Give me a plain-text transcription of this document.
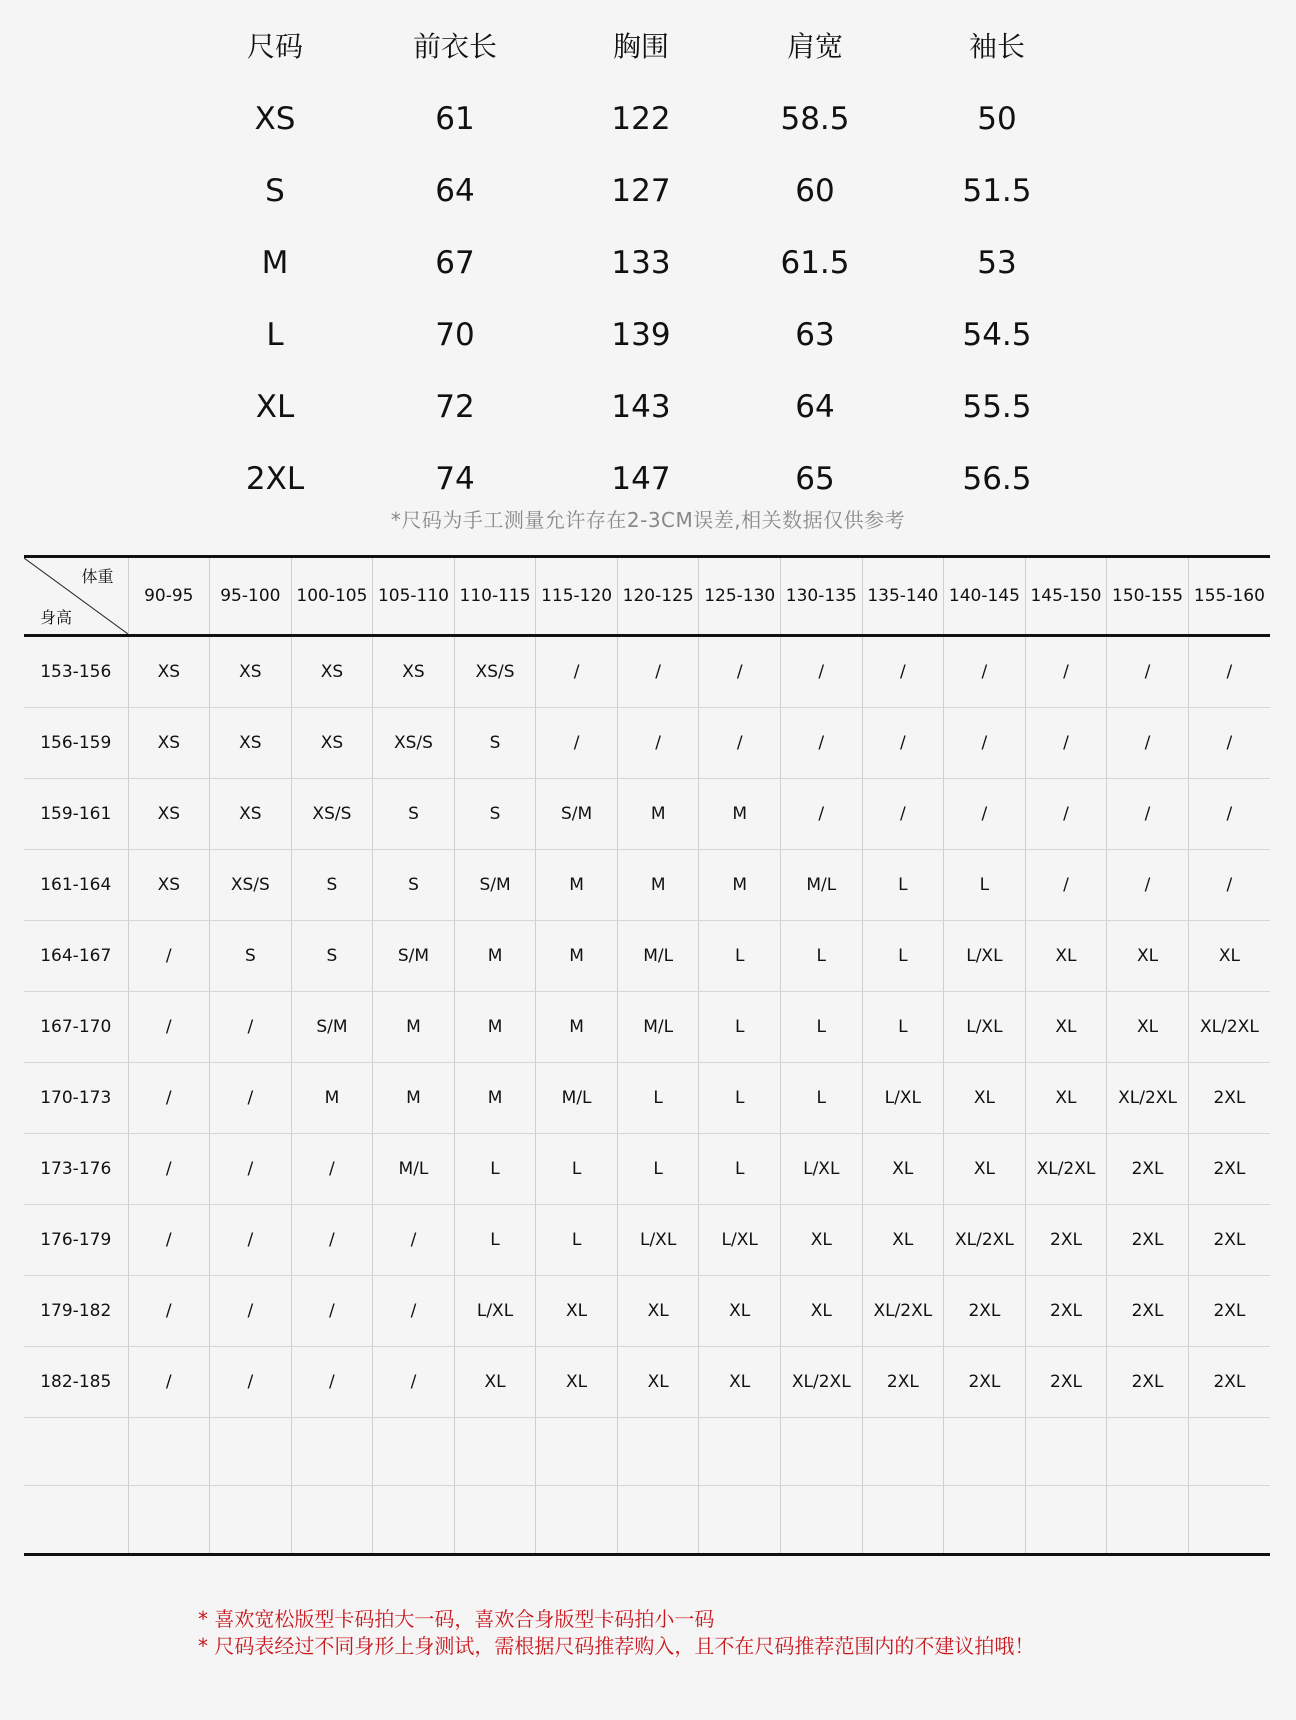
尺码	前衣长	胸围	肩宽	袖长
XS	61	122	58.5	50
S	64	127	60	51.5
M	67	133	61.5	53
L	70	139	63	54.5
XL	72	143	64	55.5
2XL	74	147	65	56.5
*尺码为手工测量允许存在2-3CM误差,相关数据仅供参考
体重
身高	90-95	95-100	100-105	105-110	110-115	115-120	120-125	125-130	130-135	135-140	140-145	145-150	150-155	155-160
153-156	XS	XS	XS	XS	XS/S	/	/	/	/	/	/	/	/	/
156-159	XS	XS	XS	XS/S	S	/	/	/	/	/	/	/	/	/
159-161	XS	XS	XS/S	S	S	S/M	M	M	/	/	/	/	/	/
161-164	XS	XS/S	S	S	S/M	M	M	M	M/L	L	L	/	/	/
164-167	/	S	S	S/M	M	M	M/L	L	L	L	L/XL	XL	XL	XL
167-170	/	/	S/M	M	M	M	M/L	L	L	L	L/XL	XL	XL	XL/2XL
170-173	/	/	M	M	M	M/L	L	L	L	L/XL	XL	XL	XL/2XL	2XL
173-176	/	/	/	M/L	L	L	L	L	L/XL	XL	XL	XL/2XL	2XL	2XL
176-179	/	/	/	/	L	L	L/XL	L/XL	XL	XL	XL/2XL	2XL	2XL	2XL
179-182	/	/	/	/	L/XL	XL	XL	XL	XL	XL/2XL	2XL	2XL	2XL	2XL
182-185	/	/	/	/	XL	XL	XL	XL	XL/2XL	2XL	2XL	2XL	2XL	2XL

* 喜欢宽松版型卡码拍大一码，喜欢合身版型卡码拍小一码
* 尺码表经过不同身形上身测试，需根据尺码推荐购入，且不在尺码推荐范围内的不建议拍哦！
